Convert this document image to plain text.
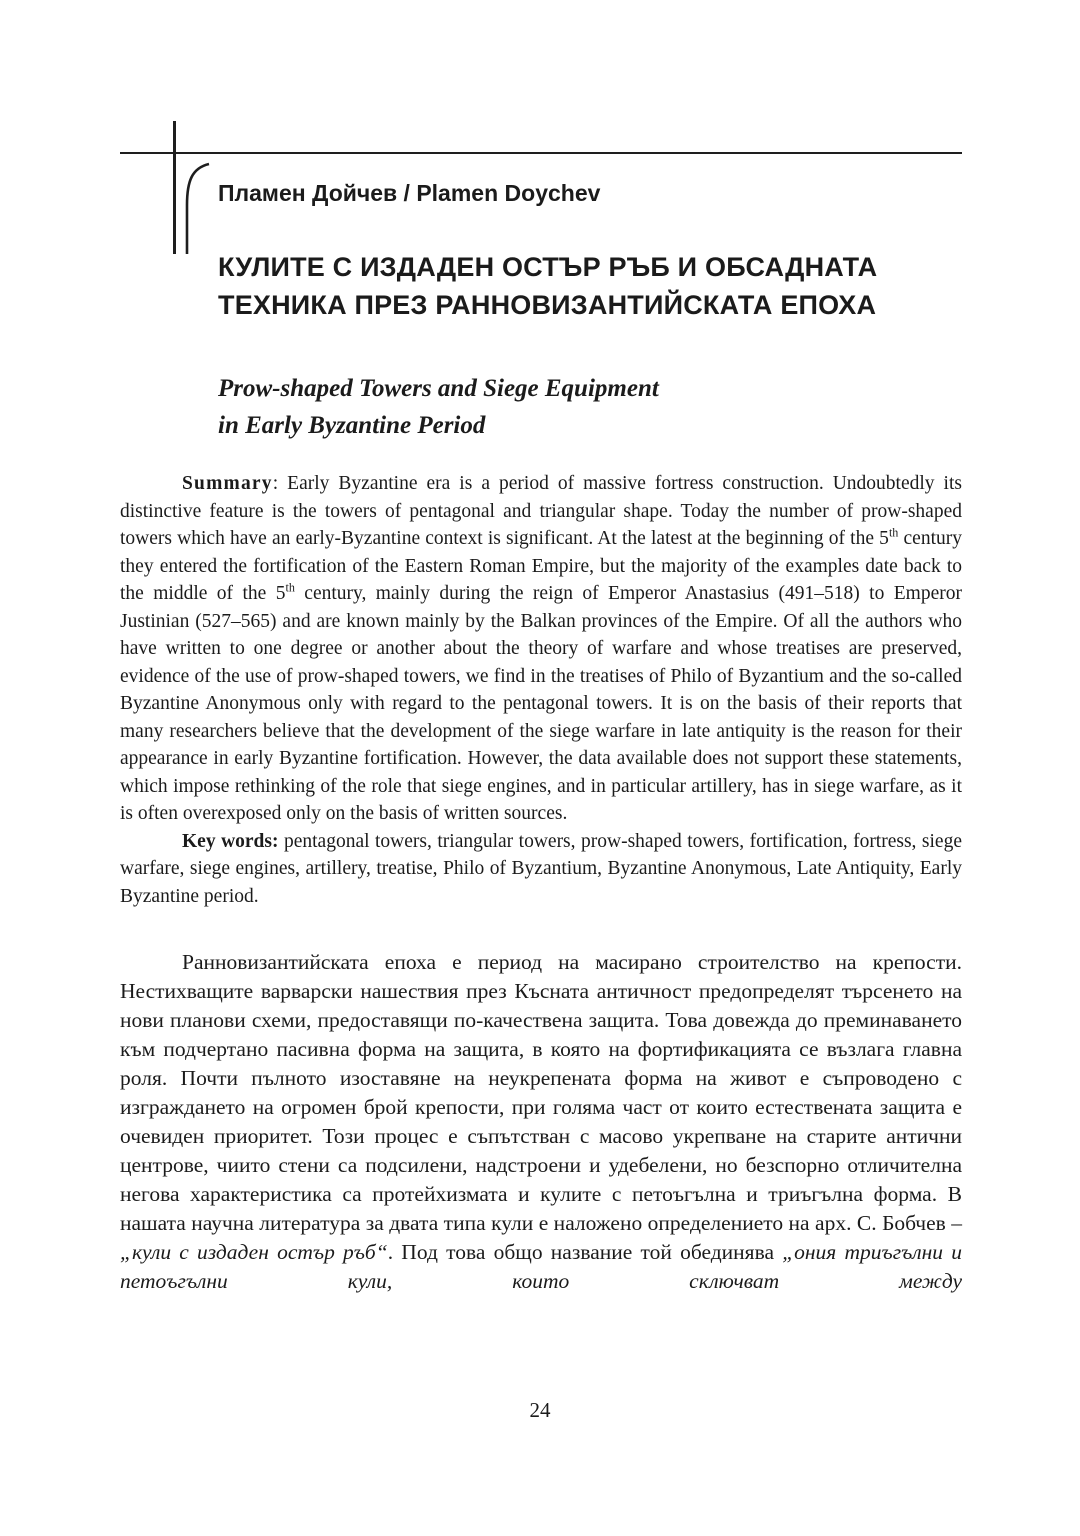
Пламен Дойчев / Plamen Doychev
КУЛИТЕ С ИЗДАДЕН ОСТЪР РЪБ И ОБСАДНАТА
ТЕХНИКА ПРЕЗ РАННОВИЗАНТИЙСКАТА ЕПОХА
Prow-shaped Towers and Siege Equipment
in Early Byzantine Period

Summary: Early Byzantine era is a period of massive fortress construction. Undoubtedly its distinctive feature is the towers of pentagonal and triangular shape. Today the number of prow-shaped towers which have an early-Byzantine context is significant. At the latest at the beginning of the 5th century they entered the fortification of the Eastern Roman Empire, but the majority of the examples date back to the middle of the 5th century, mainly during the reign of Emperor Anastasius (491–518) to Emperor Justinian (527–565) and are known mainly by the Balkan provinces of the Empire. Of all the authors who have written to one degree or another about the theory of warfare and whose treatises are preserved, evidence of the use of prow-shaped towers, we find in the treatises of Philo of Byzantium and the so-called Byzantine Anonymous only with regard to the pentagonal towers. It is on the basis of their reports that many researchers believe that the development of the siege warfare in late antiquity is the reason for their appearance in early Byzantine fortification. However, the data available does not support these statements, which impose rethinking of the role that siege engines, and in particular artillery, has in siege warfare, as it is often overexposed only on the basis of written sources.

Key words: pentagonal towers, triangular towers, prow-shaped towers, fortification, fortress, siege warfare, siege engines, artillery, treatise, Philo of Byzantium, Byzantine Anonymous, Late Antiquity, Early Byzantine period.

Ранновизантийската епоха е период на масирано строителство на крепости. Нестихващите варварски нашествия през Късната античност предопределят търсенето на нови планови схеми, предоставящи по-качествена защита. Това довежда до преминаването към подчертано пасивна форма на защита, в която на фортификацията се възлага главна роля. Почти пълното изоставяне на неукрепената форма на живот е съпроводено с изграждането на огромен брой крепости, при голяма част от които естествената защита е очевиден приоритет. Този процес е съпътстван с масово укрепване на старите антични центрове, чиито стени са подсилени, надстроени и удебелени, но безспорно отличителна негова характеристика са протейхизмата и кулите с петоъгълна и триъгълна форма. В нашата научна литература за двата типа кули е наложено определението на арх. С. Бобчев –„кули с издаден остър ръб“. Под това общо название той обединява „ония триъгълни и петоъгълни кули, които сключват между

24
